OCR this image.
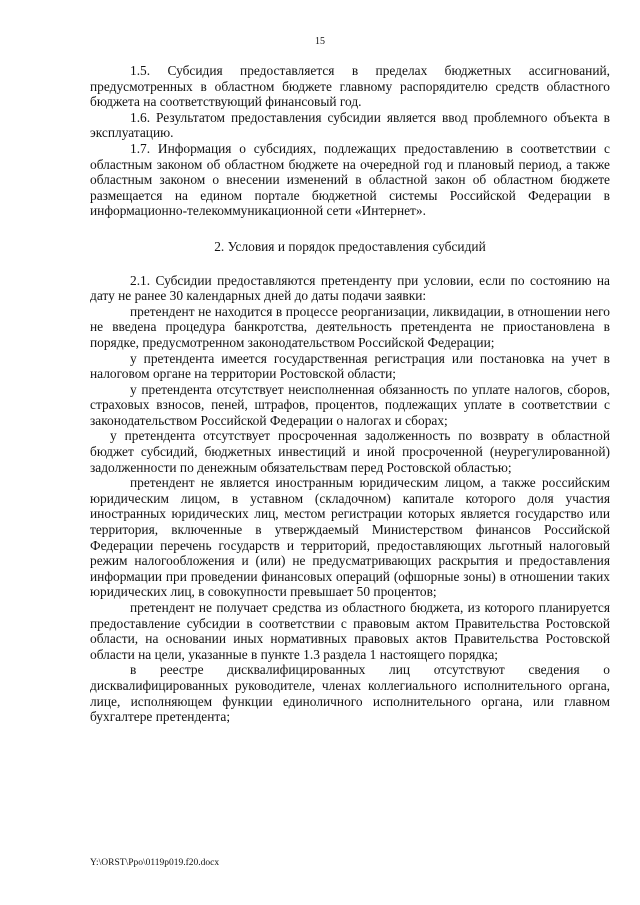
15

1.5. Субсидия предоставляется в пределах бюджетных ассигнований, предусмотренных в областном бюджете главному распорядителю средств областного бюджета на соответствующий финансовый год.

1.6. Результатом предоставления субсидии является ввод проблемного объекта в эксплуатацию.

1.7. Информация о субсидиях, подлежащих предоставлению в соответствии с областным законом об областном бюджете на очередной год и плановый период, а также областным законом о внесении изменений в областной закон об областном бюджете размещается на едином портале бюджетной системы Российской Федерации в информационно-телекоммуникационной сети «Интернет».

2. Условия и порядок предоставления субсидий

2.1. Субсидии предоставляются претенденту при условии, если по состоянию на дату не ранее 30 календарных дней до даты подачи заявки:

претендент не находится в процессе реорганизации, ликвидации, в отношении него не введена процедура банкротства, деятельность претендента не приостановлена в порядке, предусмотренном законодательством Российской Федерации;

у претендента имеется государственная регистрация или постановка на учет в налоговом органе на территории Ростовской области;

у претендента отсутствует неисполненная обязанность по уплате налогов, сборов, страховых взносов, пеней, штрафов, процентов, подлежащих уплате в соответствии с законодательством Российской Федерации о налогах и сборах;

у претендента отсутствует просроченная задолженность по возврату в областной бюджет субсидий, бюджетных инвестиций и иной просроченной (неурегулированной) задолженности по денежным обязательствам перед Ростовской областью;

претендент не является иностранным юридическим лицом, а также российским юридическим лицом, в уставном (складочном) капитале которого доля участия иностранных юридических лиц, местом регистрации которых является государство или территория, включенные в утверждаемый Министерством финансов Российской Федерации перечень государств и территорий, предоставляющих льготный налоговый режим налогообложения и (или) не предусматривающих раскрытия и предоставления информации при проведении финансовых операций (офшорные зоны) в отношении таких юридических лиц, в совокупности превышает 50 процентов;

претендент не получает средства из областного бюджета, из которого планируется предоставление субсидии в соответствии с правовым актом Правительства Ростовской области, на основании иных нормативных правовых актов Правительства Ростовской области на цели, указанные в пункте 1.3 раздела 1 настоящего порядка;

в реестре дисквалифицированных лиц отсутствуют сведения о дисквалифицированных руководителе, членах коллегиального исполнительного органа, лице, исполняющем функции единоличного исполнительного органа, или главном бухгалтере претендента;

Y:\ORST\Ppo\0119p019.f20.docx
